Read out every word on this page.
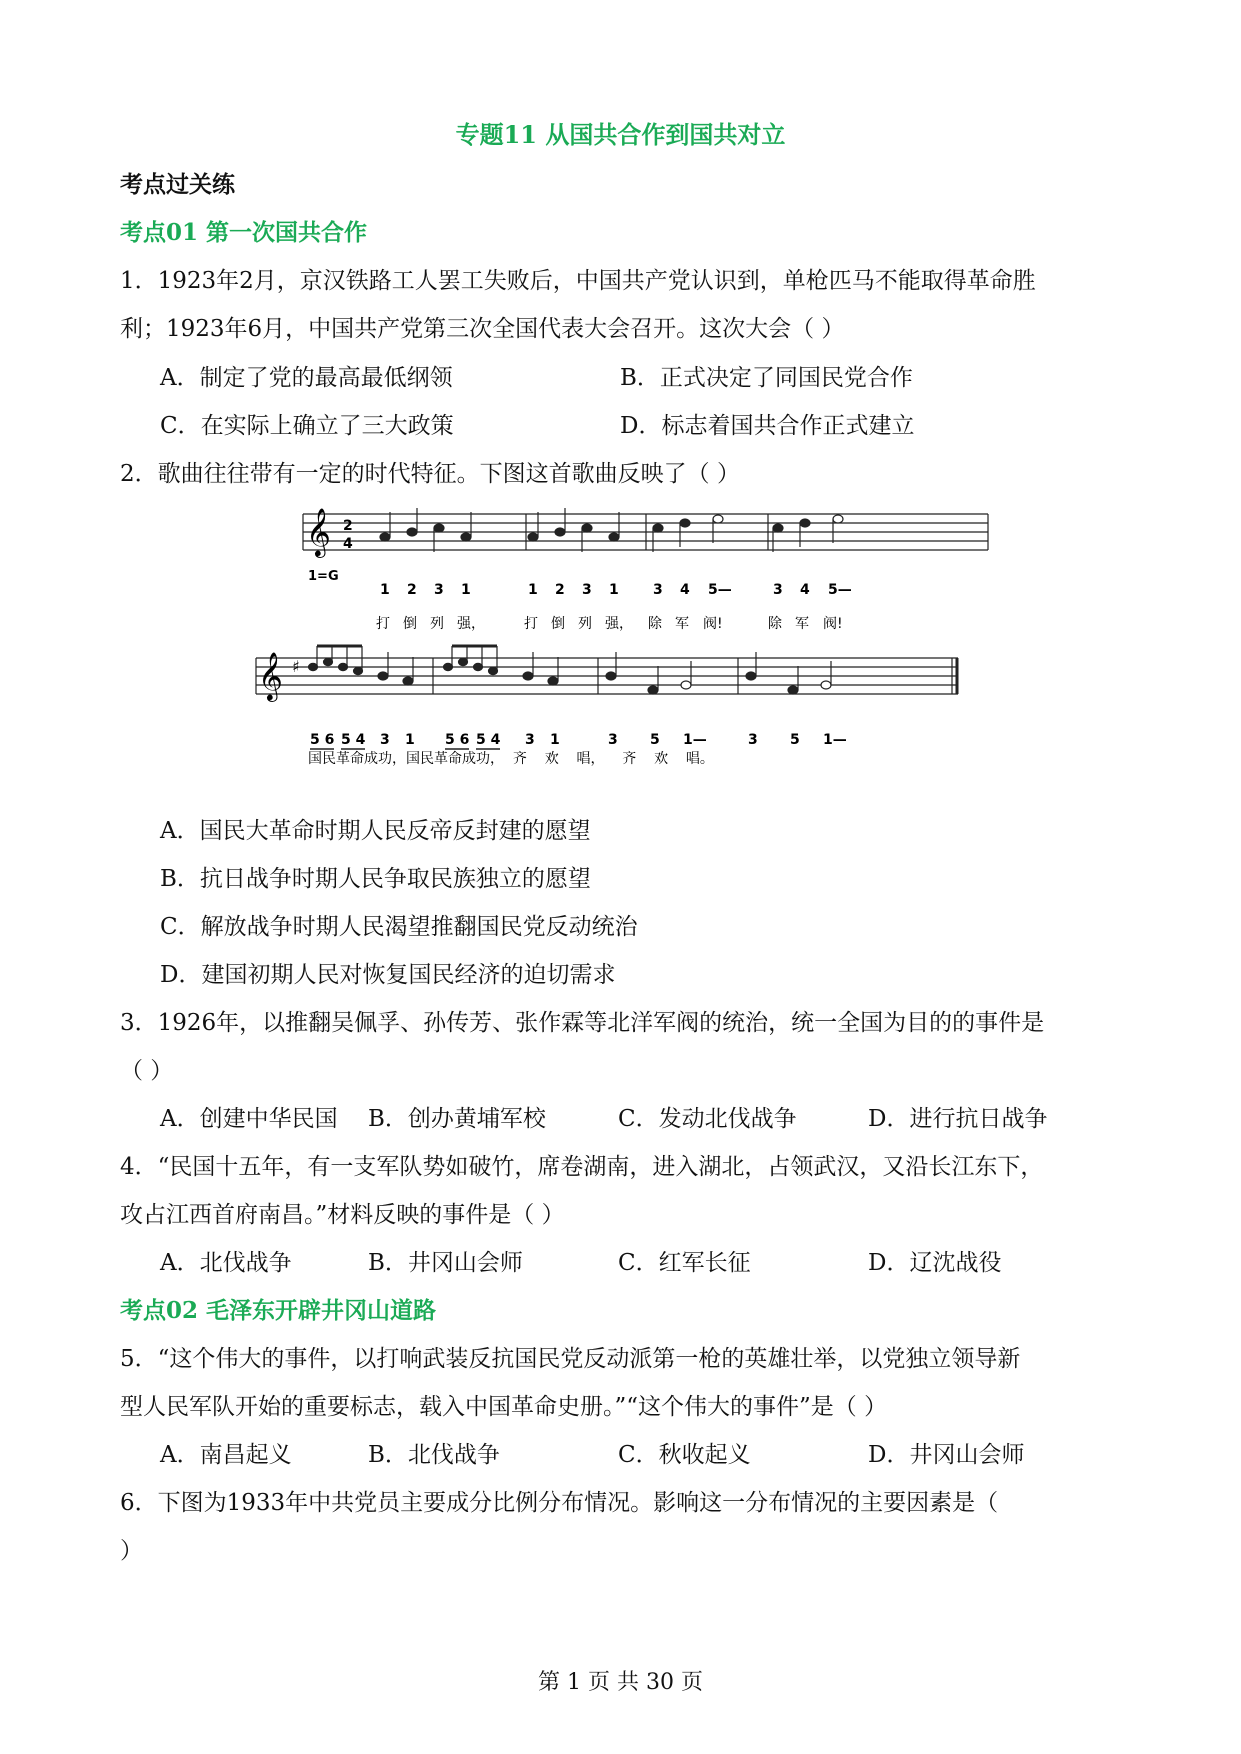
专题11 从国共合作到国共对立
考点过关练
考点01 第一次国共合作
1．1923年2月，京汉铁路工人罢工失败后，中国共产党认识到，单枪匹马不能取得革命胜
利；1923年6月，中国共产党第三次全国代表大会召开。这次大会（ ）
A．制定了党的最高最低纲领	B．正式决定了同国民党合作
C．在实际上确立了三大政策	D．标志着国共合作正式建立
2．歌曲往往带有一定的时代特征。下图这首歌曲反映了（ ）
𝄞 2
4
1=G
1 2 3 1	1 2 3 1 3 4 5—	3 4 5—
打 倒 列 强，	打 倒 列 强， 除 军 阀!	除 军 阀!
𝄞 ♯
5 6 5 4 3 1 5 6 5 4 3 1	3 5 1—	3 5 1—
国民革命成功，国民革命成功，  齐    欢    唱，    齐    欢    唱。
A．国民大革命时期人民反帝反封建的愿望
B．抗日战争时期人民争取民族独立的愿望
C．解放战争时期人民渴望推翻国民党反动统治
D．建国初期人民对恢复国民经济的迫切需求
3．1926年，以推翻吴佩孚、孙传芳、张作霖等北洋军阀的统治，统一全国为目的的事件是
（ ）
A．创建中华民国 B．创办黄埔军校	C．发动北伐战争	D．进行抗日战争
4．“民国十五年，有一支军队势如破竹，席卷湖南，进入湖北，占领武汉，又沿长江东下，
攻占江西首府南昌。”材料反映的事件是（ ）
A．北伐战争	B．井冈山会师	C．红军长征	D．辽沈战役
考点02 毛泽东开辟井冈山道路
5．“这个伟大的事件，以打响武装反抗国民党反动派第一枪的英雄壮举，以党独立领导新
型人民军队开始的重要标志，载入中国革命史册。”“这个伟大的事件”是（ ）
A．南昌起义	B．北伐战争	C．秋收起义	D．井冈山会师
6．下图为1933年中共党员主要成分比例分布情况。影响这一分布情况的主要因素是（
）
第 1 页 共 30 页
